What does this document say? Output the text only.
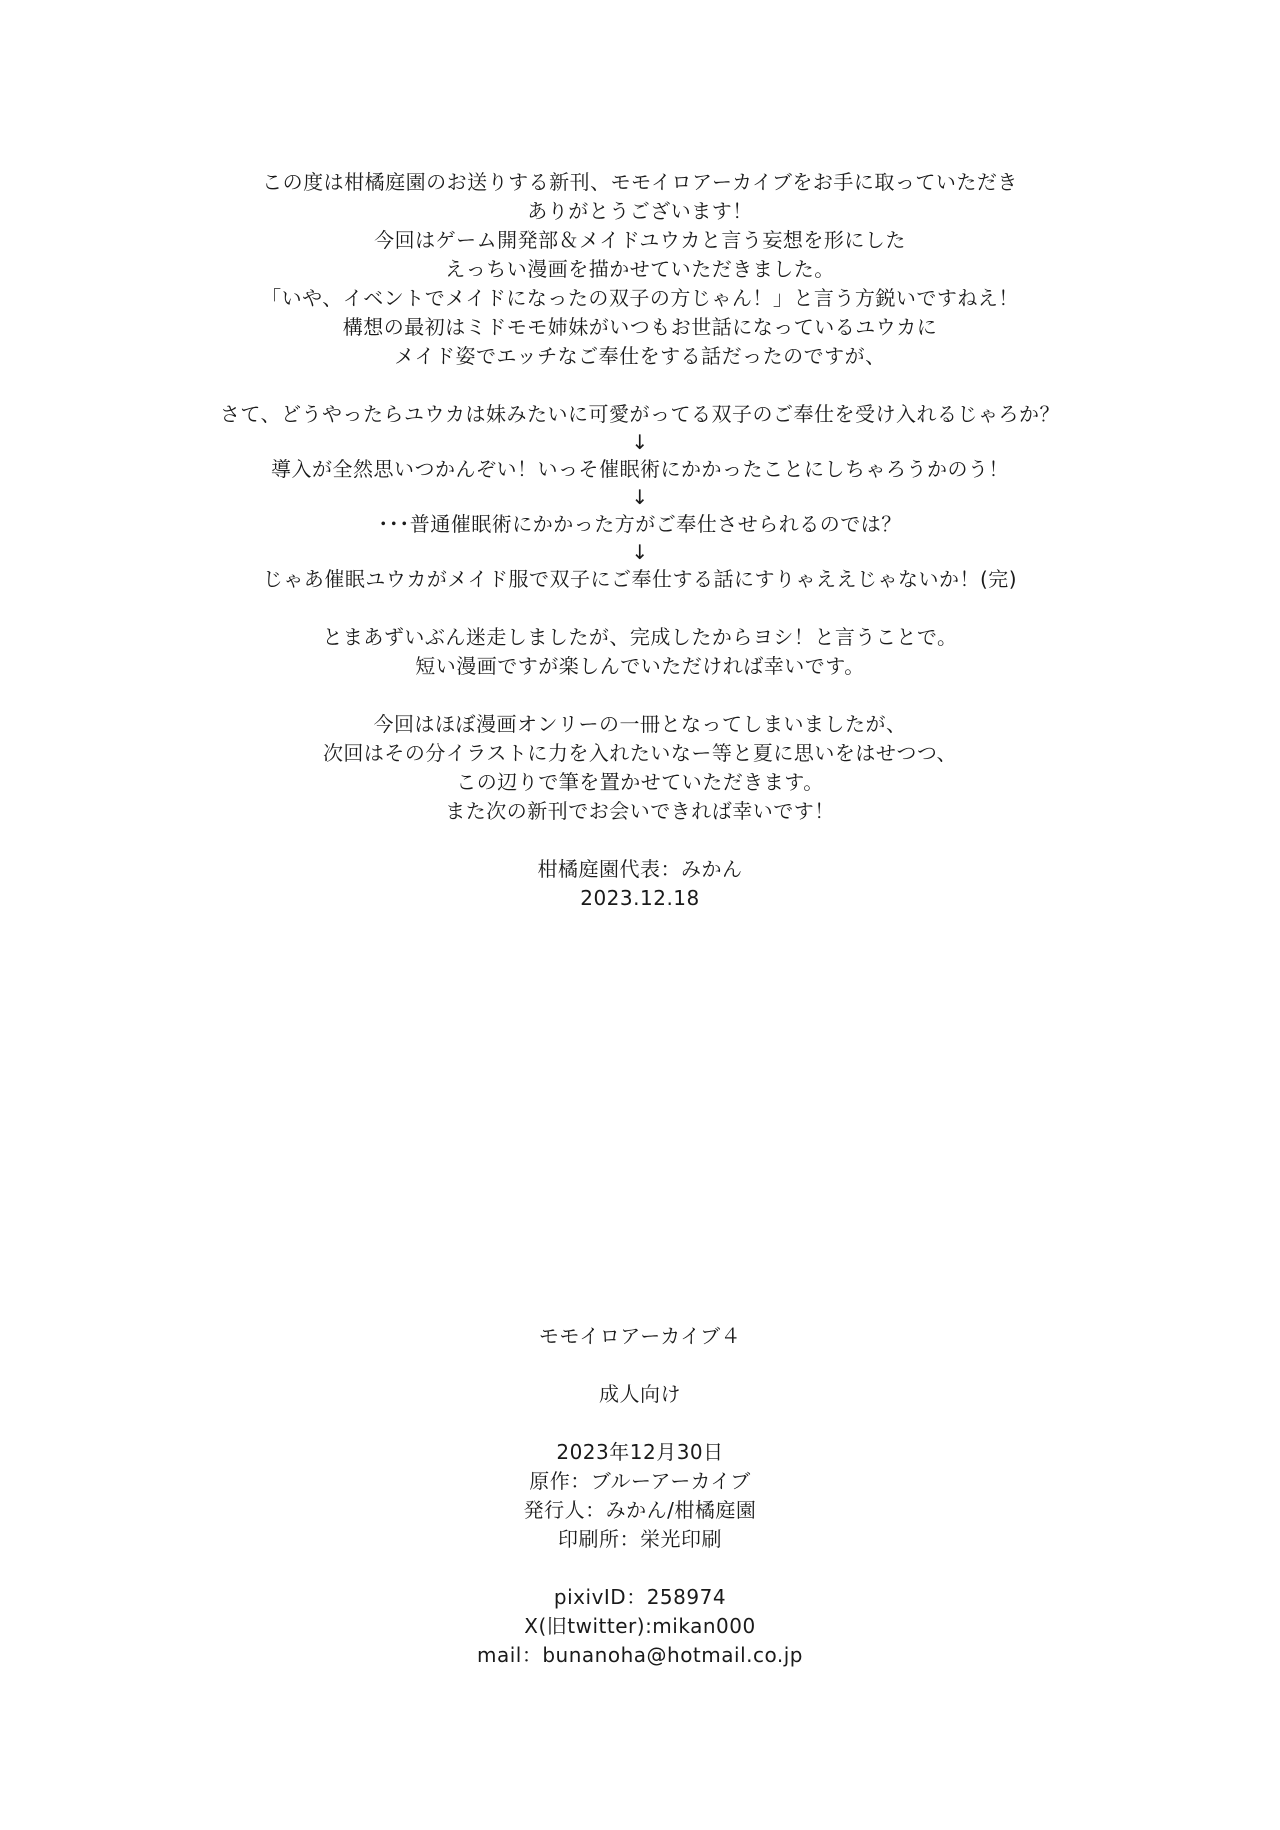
この度は柑橘庭園のお送りする新刊、モモイロアーカイブをお手に取っていただき
ありがとうございます！
今回はゲーム開発部＆メイドユウカと言う妄想を形にした
えっちい漫画を描かせていただきました。
「いや、イベントでメイドになったの双子の方じゃん！」と言う方鋭いですねえ！
構想の最初はミドモモ姉妹がいつもお世話になっているユウカに
メイド姿でエッチなご奉仕をする話だったのですが、
さて、どうやったらユウカは妹みたいに可愛がってる双子のご奉仕を受け入れるじゃろか？
↓
導入が全然思いつかんぞい！いっそ催眠術にかかったことにしちゃろうかのう！
↓
･･･普通催眠術にかかった方がご奉仕させられるのでは？
↓
じゃあ催眠ユウカがメイド服で双子にご奉仕する話にすりゃええじゃないか！(完)
とまあずいぶん迷走しましたが、完成したからヨシ！と言うことで。
短い漫画ですが楽しんでいただければ幸いです。
今回はほぼ漫画オンリーの一冊となってしまいましたが、
次回はその分イラストに力を入れたいなー等と夏に思いをはせつつ、
この辺りで筆を置かせていただきます。
また次の新刊でお会いできれば幸いです！
柑橘庭園代表：みかん
2023.12.18
モモイロアーカイブ４
成人向け
2023年12月30日
原作：ブルーアーカイブ
発行人：みかん/柑橘庭園
印刷所：栄光印刷
pixivID：258974
X(旧twitter):mikan000
mail：bunanoha@hotmail.co.jp
